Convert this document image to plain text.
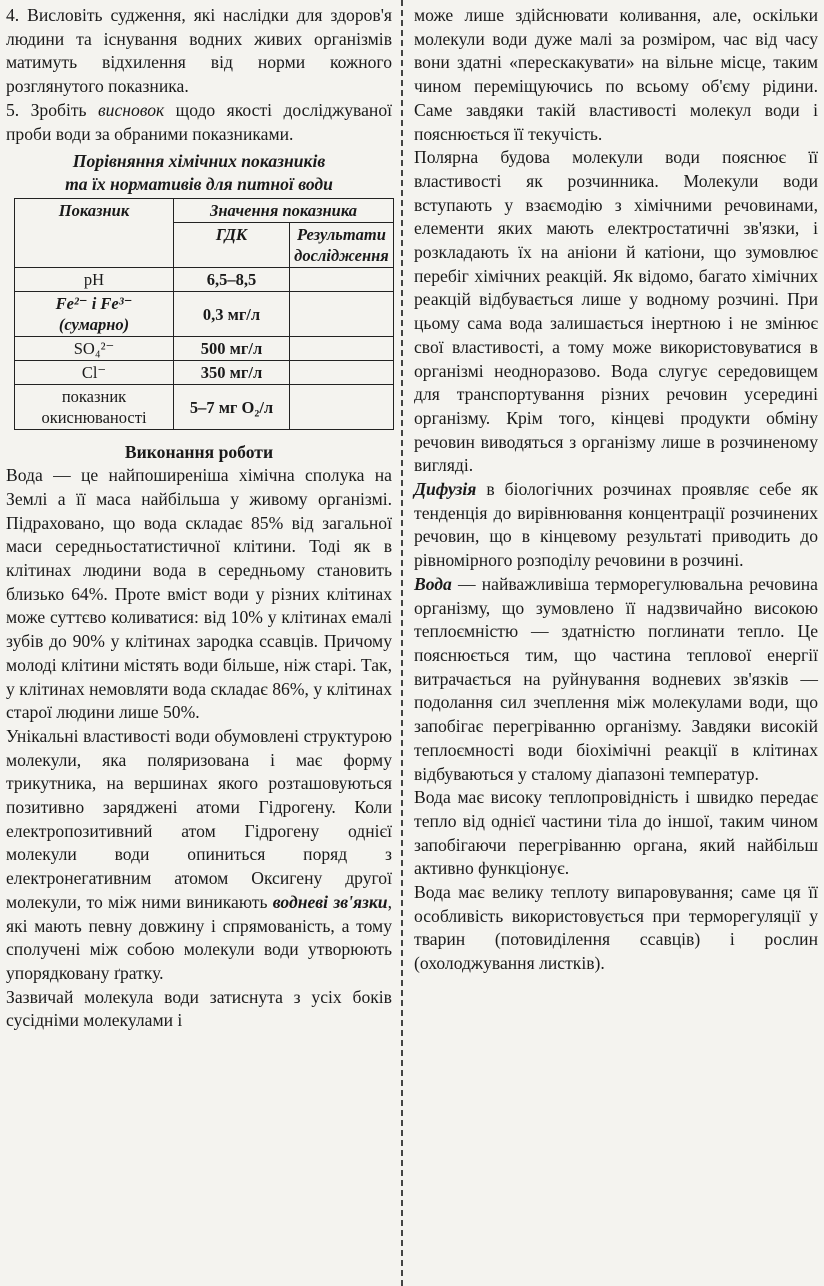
4. Висловіть судження, які наслідки для здоров'я людини та існування водних живих організмів матимуть відхилення від норми кожного розглянутого показника.

5. Зробіть висновок щодо якості досліджуваної проби води за обраними показниками.

Порівняння хімічних показників
та їх нормативів для питної води
Показник	Значення показника	
	ГДК	Результати дослідження
pH	6,5–8,5	
Fe²⁻ і Fe³⁻ (сумарно)	0,3 мг/л	
SO₄²⁻	500 мг/л	
Cl⁻	350 мг/л	
показник окиснюваності	5–7 мг O₂/л	
Виконання роботи

Вода — це найпоширеніша хімічна сполука на Землі а її маса найбільша у живому організмі. Підраховано, що вода складає 85% від загальної маси середньостатистичної клітини. Тоді як в клітинах людини вода в середньому становить близько 64%. Проте вміст води у різних клітинах може суттєво коливатися: від 10% у клітинах емалі зубів до 90% у клітинах зародка ссавців. Причому молоді клітини містять води більше, ніж старі. Так, у клітинах немовляти вода складає 86%, у клітинах старої людини лише 50%.

Унікальні властивості води обумовлені структурою молекули, яка поляризована і має форму трикутника, на вершинах якого розташовуються позитивно заряджені атоми Гідрогену. Коли електропозитивний атом Гідрогену однієї молекули води опиниться поряд з електронегативним атомом Оксигену другої молекули, то між ними виникають водневі зв'язки, які мають певну довжину і спрямованість, а тому сполучені між собою молекули води утворюють упорядковану ґратку.

Зазвичай молекула води затиснута з усіх боків сусідніми молекулами і

може лише здійснювати коливання, але, оскільки молекули води дуже малі за розміром, час від часу вони здатні «перескакувати» на вільне місце, таким чином переміщуючись по всьому об'єму рідини. Саме завдяки такій властивості молекул води і пояснюється її текучість.

Полярна будова молекули води пояснює її властивості як розчинника. Молекули води вступають у взаємодію з хімічними речовинами, елементи яких мають електростатичні зв'язки, і розкладають їх на аніони й катіони, що зумовлює перебіг хімічних реакцій. Як відомо, багато хімічних реакцій відбувається лише у водному розчині. При цьому сама вода залишається інертною і не змінює свої властивості, а тому може використовуватися в організмі неодноразово. Вода слугує середовищем для транспортування різних речовин усередині організму. Крім того, кінцеві продукти обміну речовин виводяться з організму лише в розчиненому вигляді.

Дифузія в біологічних розчинах проявляє себе як тенденція до вирівнювання концентрації розчинених речовин, що в кінцевому результаті приводить до рівномірного розподілу речовини в розчині.

Вода — найважливіша терморегулювальна речовина організму, що зумовлено її надзвичайно високою теплоємністю — здатністю поглинати тепло. Це пояснюється тим, що частина теплової енергії витрачається на руйнування водневих зв'язків — подолання сил зчеплення між молекулами води, що запобігає перегріванню організму. Завдяки високій теплоємності води біохімічні реакції в клітинах відбуваються у сталому діапазоні температур.

Вода має високу теплопровідність і швидко передає тепло від однієї частини тіла до іншої, таким чином запобігаючи перегріванню органа, який найбільш активно функціонує.

Вода має велику теплоту випаровування; саме ця її особливість використовується при терморегуляції у тварин (потовиділення ссавців) і рослин (охолоджування листків).
